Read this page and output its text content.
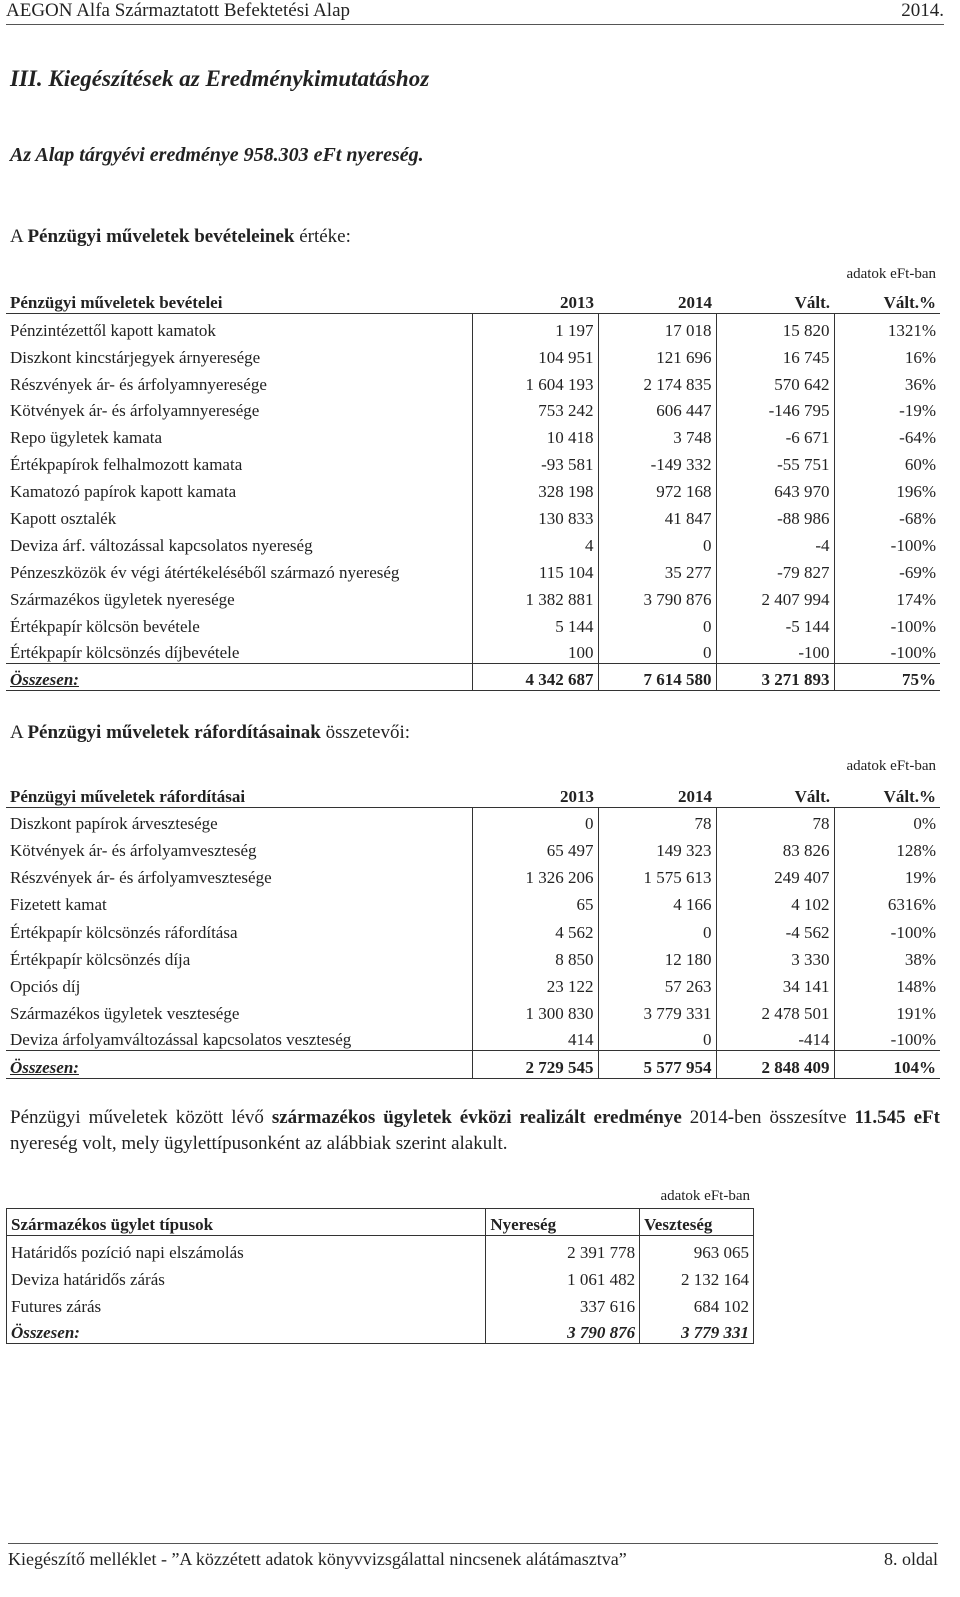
AEGON Alfa Származtatott Befektetési Alap	2014.
III. Kiegészítések az Eredménykimutatáshoz
Az Alap tárgyévi eredménye 958.303 eFt nyereség.
A Pénzügyi műveletek bevételeinek értéke:
adatok eFt-ban
Pénzügyi műveletek bevételei	2013	2014	Vált.	Vált.%
Pénzintézettől kapott kamatok	1 197	17 018	15 820	1321%
Diszkont kincstárjegyek árnyeresége	104 951	121 696	16 745	16%
Részvények ár- és árfolyamnyeresége	1 604 193	2 174 835	570 642	36%
Kötvények ár- és árfolyamnyeresége	753 242	606 447	-146 795	-19%
Repo ügyletek kamata	10 418	3 748	-6 671	-64%
Értékpapírok felhalmozott kamata	-93 581	-149 332	-55 751	60%
Kamatozó papírok kapott kamata	328 198	972 168	643 970	196%
Kapott osztalék	130 833	41 847	-88 986	-68%
Deviza árf. változással kapcsolatos nyereség	4	0	-4	-100%
Pénzeszközök év végi átértékeléséből származó nyereség	115 104	35 277	-79 827	-69%
Származékos ügyletek nyeresége	1 382 881	3 790 876	2 407 994	174%
Értékpapír kölcsön bevétele	5 144	0	-5 144	-100%
Értékpapír kölcsönzés díjbevétele	100	0	-100	-100%
Összesen:	4 342 687	7 614 580	3 271 893	75%
A Pénzügyi műveletek ráfordításainak összetevői:
adatok eFt-ban
Pénzügyi műveletek ráfordításai	2013	2014	Vált.	Vált.%
Diszkont papírok árvesztesége	0	78	78	0%
Kötvények ár- és árfolyamveszteség	65 497	149 323	83 826	128%
Részvények ár- és árfolyamvesztesége	1 326 206	1 575 613	249 407	19%
Fizetett kamat	65	4 166	4 102	6316%
Értékpapír kölcsönzés ráfordítása	4 562	0	-4 562	-100%
Értékpapír kölcsönzés díja	8 850	12 180	3 330	38%
Opciós díj	23 122	57 263	34 141	148%
Származékos ügyletek vesztesége	1 300 830	3 779 331	2 478 501	191%
Deviza árfolyamváltozással kapcsolatos veszteség	414	0	-414	-100%
Összesen:	2 729 545	5 577 954	2 848 409	104%
Pénzügyi műveletek között lévő származékos ügyletek évközi realizált eredménye 2014-ben összesítve 11.545 eFt nyereség volt, mely ügylettípusonként az alábbiak szerint alakult.
adatok eFt-ban
Származékos ügylet típusok	Nyereség	Veszteség
Határidős pozíció napi elszámolás	2 391 778	963 065
Deviza határidős zárás	1 061 482	2 132 164
Futures zárás	337 616	684 102
Összesen:	3 790 876	3 779 331
Kiegészítő melléklet - ”A közzétett adatok könyvvizsgálattal nincsenek alátámasztva”	8. oldal
